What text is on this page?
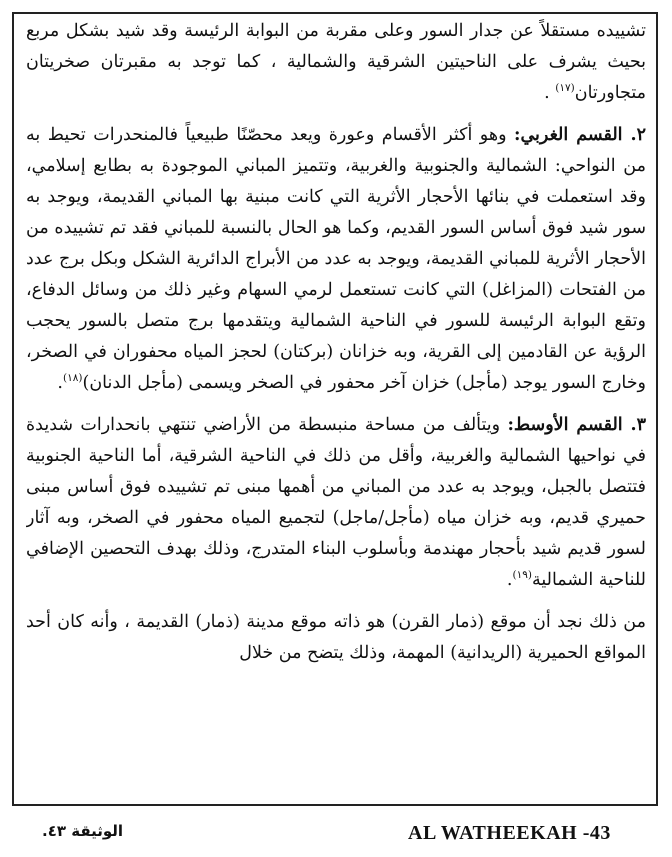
تشييده مستقلاً عن جدار السور وعلى مقربة من البوابة الرئيسة وقد شيد بشكل مربع بحيث يشرف على الناحيتين الشرقية والشمالية ، كما توجد به مقبرتان صخريتان متجاورتان$^{(١٧)}$ .

٢. القسم الغربي: وهو أكثر الأقسام وعورة ويعد محصّنًا طبيعياً فالمنحدرات تحيط به من النواحي: الشمالية والجنوبية والغربية، وتتميز المباني الموجودة به بطابع إسلامي، وقد استعملت في بنائها الأحجار الأثرية التي كانت مبنية بها المباني القديمة، ويوجد به سور شيد فوق أساس السور القديم، وكما هو الحال بالنسبة للمباني فقد تم تشييده من الأحجار الأثرية للمباني القديمة، ويوجد به عدد من الأبراج الدائرية الشكل وبكل برج عدد من الفتحات (المزاغل) التي كانت تستعمل لرمي السهام وغير ذلك من وسائل الدفاع، وتقع البوابة الرئيسة للسور في الناحية الشمالية ويتقدمها برج متصل بالسور يحجب الرؤية عن القادمين إلى القرية، وبه خزانان (بركتان) لحجز المياه محفوران في الصخر، وخارج السور يوجد (مأجل) خزان آخر محفور في الصخر ويسمى (مأجل الدنان)$^{(١٨)}$.

٣. القسم الأوسط: ويتألف من مساحة منبسطة من الأراضي تنتهي بانحدارات شديدة في نواحيها الشمالية والغربية، وأقل من ذلك في الناحية الشرقية، أما الناحية الجنوبية فتتصل بالجبل، ويوجد به عدد من المباني من أهمها مبنى تم تشييده فوق أساس مبنى حميري قديم، وبه خزان مياه (مأجل/ماجل) لتجميع المياه محفور في الصخر، وبه آثار لسور قديم شيد بأحجار مهندمة وبأسلوب البناء المتدرج، وذلك بهدف التحصين الإضافي للناحية الشمالية$^{(١٩)}$.

من ذلك نجد أن موقع (ذمار القرن) هو ذاته موقع مدينة (ذمار) القديمة ، وأنه كان أحد المواقع الحميرية (الريدانية) المهمة، وذلك يتضح من خلال

AL WATHEEKAH -43
الوثيقة ٤٣.
